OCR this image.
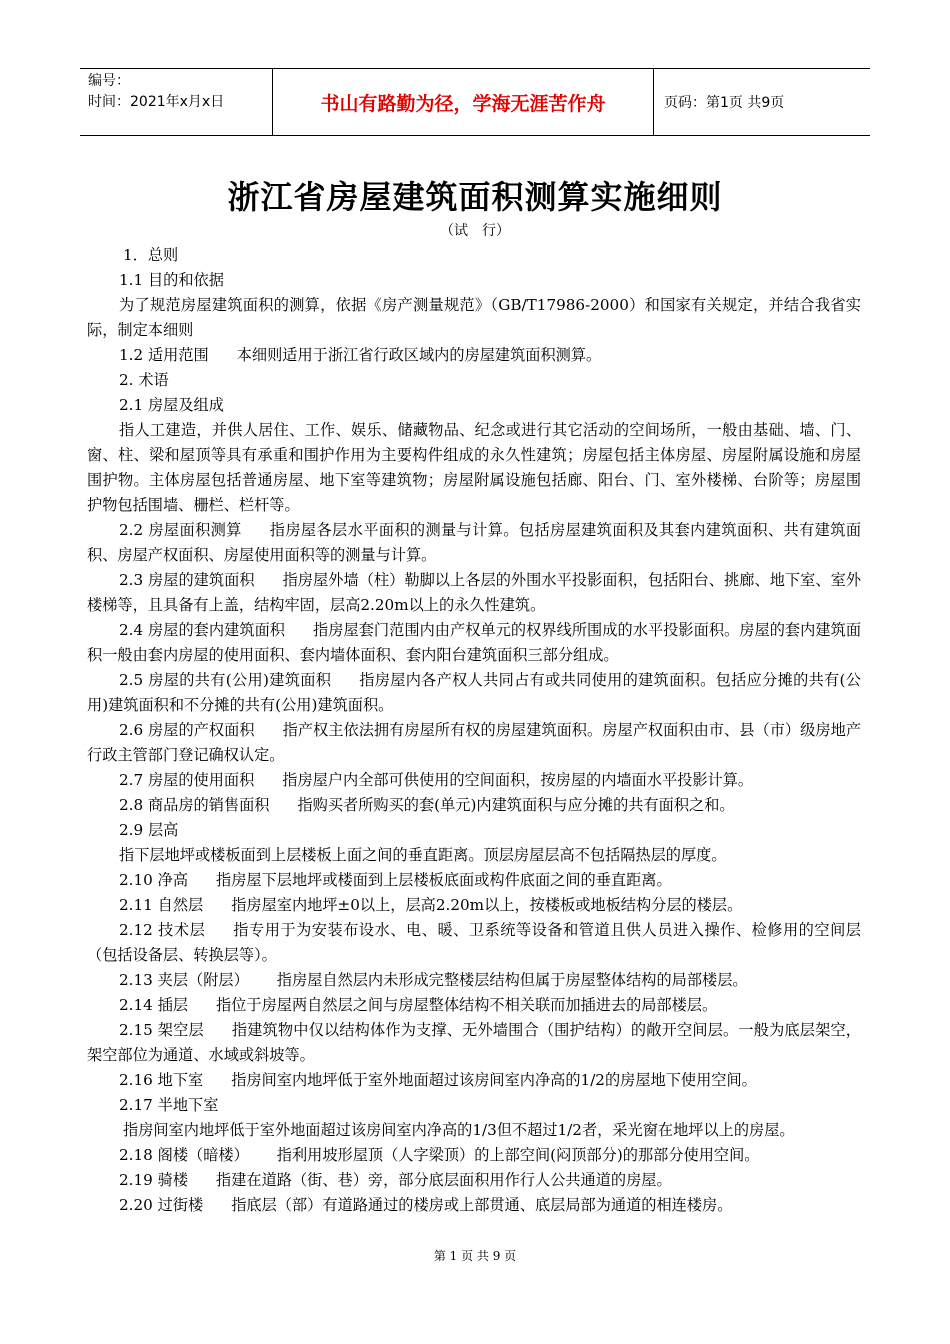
编号：
时间：2021年x月x日	书山有路勤为径，学海无涯苦作舟	页码：第1页 共9页
浙江省房屋建筑面积测算实施细则
（试　行）

1．总则

1.1 目的和依据

为了规范房屋建筑面积的测算，依据《房产测量规范》（GB/T17986-2000）和国家有关规定，并结合我省实际，制定本细则

1.2 适用范围 本细则适用于浙江省行政区域内的房屋建筑面积测算。

2. 术语

2.1 房屋及组成

指人工建造，并供人居住、工作、娱乐、储藏物品、纪念或进行其它活动的空间场所，一般由基础、墙、门、窗、柱、梁和屋顶等具有承重和围护作用为主要构件组成的永久性建筑；房屋包括主体房屋、房屋附属设施和房屋围护物。主体房屋包括普通房屋、地下室等建筑物；房屋附属设施包括廊、阳台、门、室外楼梯、台阶等；房屋围护物包括围墙、栅栏、栏杆等。

2.2 房屋面积测算 指房屋各层水平面积的测量与计算。包括房屋建筑面积及其套内建筑面积、共有建筑面积、房屋产权面积、房屋使用面积等的测量与计算。

2.3 房屋的建筑面积 指房屋外墙（柱）勒脚以上各层的外围水平投影面积，包括阳台、挑廊、地下室、室外楼梯等，且具备有上盖，结构牢固，层高2.20m以上的永久性建筑。

2.4 房屋的套内建筑面积 指房屋套门范围内由产权单元的权界线所围成的水平投影面积。房屋的套内建筑面积一般由套内房屋的使用面积、套内墙体面积、套内阳台建筑面积三部分组成。

2.5 房屋的共有(公用)建筑面积 指房屋内各产权人共同占有或共同使用的建筑面积。包括应分摊的共有(公用)建筑面积和不分摊的共有(公用)建筑面积。

2.6 房屋的产权面积 指产权主依法拥有房屋所有权的房屋建筑面积。房屋产权面积由市、县（市）级房地产行政主管部门登记确权认定。

2.7 房屋的使用面积 指房屋户内全部可供使用的空间面积，按房屋的内墙面水平投影计算。

2.8 商品房的销售面积 指购买者所购买的套(单元)内建筑面积与应分摊的共有面积之和。

2.9 层高

指下层地坪或楼板面到上层楼板上面之间的垂直距离。顶层房屋层高不包括隔热层的厚度。

2.10 净高 指房屋下层地坪或楼面到上层楼板底面或构件底面之间的垂直距离。

2.11 自然层 指房屋室内地坪±0以上，层高2.20m以上，按楼板或地板结构分层的楼层。

2.12 技术层 指专用于为安装布设水、电、暖、卫系统等设备和管道且供人员进入操作、检修用的空间层（包括设备层、转换层等）。

2.13 夹层（附层） 指房屋自然层内未形成完整楼层结构但属于房屋整体结构的局部楼层。

2.14 插层 指位于房屋两自然层之间与房屋整体结构不相关联而加插进去的局部楼层。

2.15 架空层 指建筑物中仅以结构体作为支撑、无外墙围合（围护结构）的敞开空间层。一般为底层架空，架空部位为通道、水域或斜坡等。

2.16 地下室 指房间室内地坪低于室外地面超过该房间室内净高的1/2的房屋地下使用空间。

2.17 半地下室

指房间室内地坪低于室外地面超过该房间室内净高的1/3但不超过1/2者，采光窗在地坪以上的房屋。

2.18 阁楼（暗楼） 指利用坡形屋顶（人字梁顶）的上部空间(闷顶部分)的那部分使用空间。

2.19 骑楼 指建在道路（街、巷）旁，部分底层面积用作行人公共通道的房屋。

2.20 过街楼 指底层（部）有道路通过的楼房或上部贯通、底层局部为通道的相连楼房。

第 1 页 共 9 页
